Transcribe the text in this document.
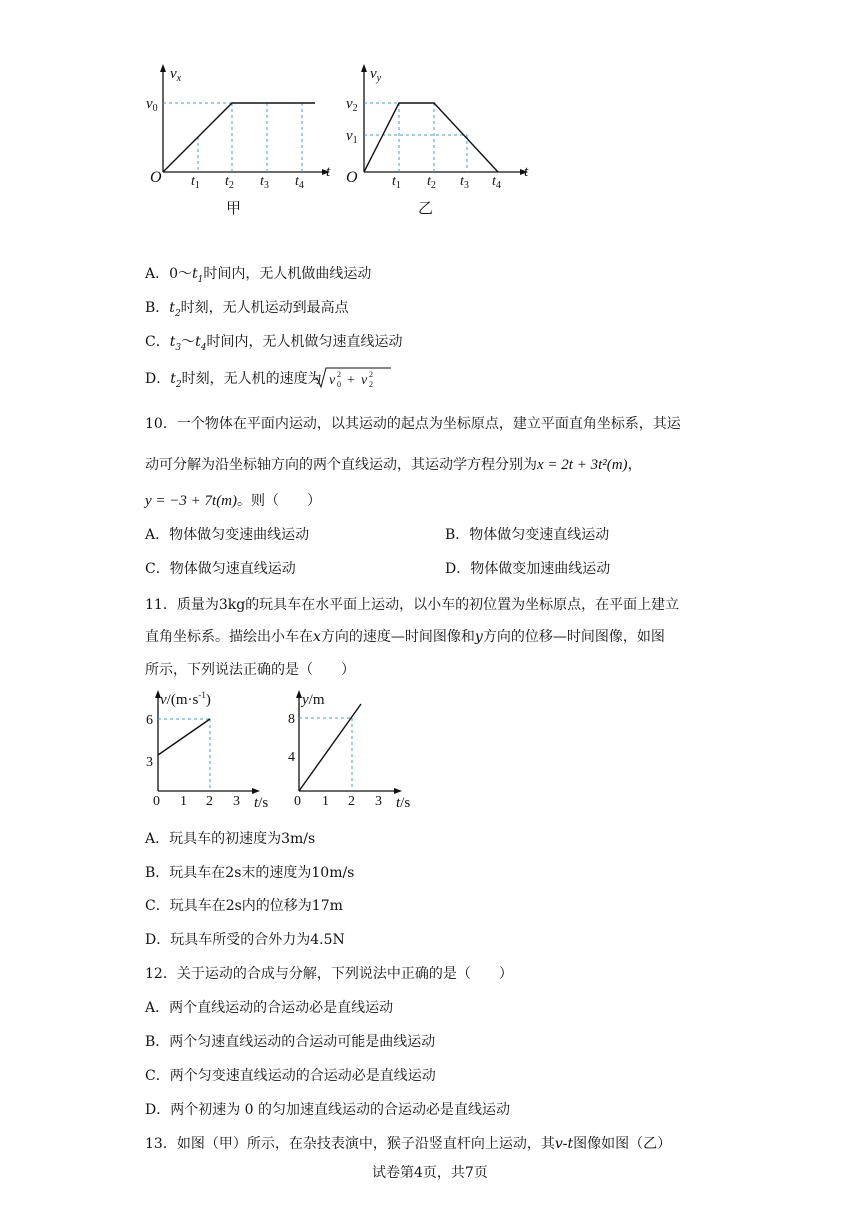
$v_x$
$v_0$
O	t
$t_1$ $t_2$ $t_3$ $t_4$
甲
$v_y$
$v_2$
$v_1$
O	t
$t_1$ $t_2$ $t_3$ $t_4$
乙
A．$0\sim t_1$时间内，无人机做曲线运动
B．$t_2$时刻，无人机运动到最高点
C．$t_3\sim t_4$时间内，无人机做匀速直线运动
D．$t_2$时刻，无人机的速度为 v 0
2 + v 2
2
10．一个物体在平面内运动，以其运动的起点为坐标原点，建立平面直角坐标系，其运
动可分解为沿坐标轴方向的两个直线运动，其运动学方程分别为x = 2t + 3t²(m)，
y = −3 + 7t(m)。则（　　）
A．物体做匀变速曲线运动	B．物体做匀变速直线运动
C．物体做匀速直线运动	D．物体做变加速曲线运动
11．质量为3kg的玩具车在水平面上运动，以小车的初位置为坐标原点，在平面上建立
直角坐标系。描绘出小车在x方向的速度—时间图像和y方向的位移—时间图像，如图
所示，下列说法正确的是（　　）
$v/(m\cdot s^{-1})$
6
3
0 1 2 3 t/s
y/m
8
4
0 1 2 3 t/s
A．玩具车的初速度为3m/s
B．玩具车在2s末的速度为10m/s
C．玩具车在2s内的位移为17m
D．玩具车所受的合外力为4.5N
12．关于运动的合成与分解，下列说法中正确的是（　　）
A．两个直线运动的合运动必是直线运动
B．两个匀速直线运动的合运动可能是曲线运动
C．两个匀变速直线运动的合运动必是直线运动
D．两个初速为 0 的匀加速直线运动的合运动必是直线运动
13．如图（甲）所示，在杂技表演中，猴子沿竖直杆向上运动，其v-t图像如图（乙）
试卷第4页，共7页
